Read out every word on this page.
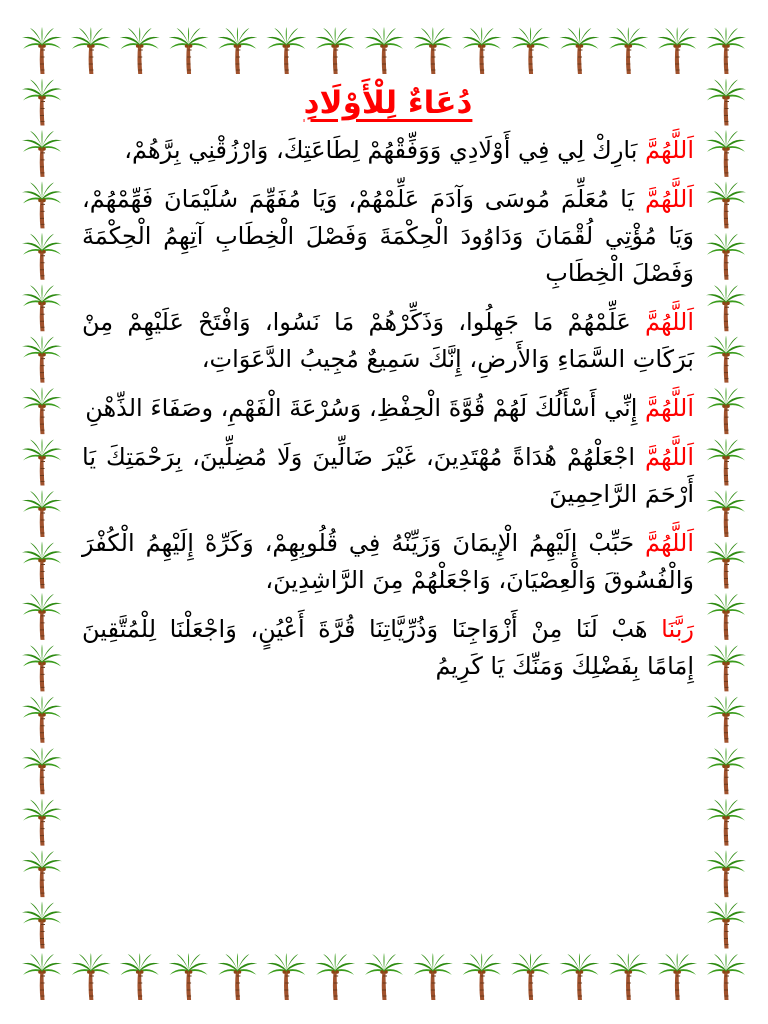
دُعَاءٌ لِلْأَوْلَادِ

اَللَّهُمَّ بَارِكْ لِي فِي أَوْلَادِي وَوَفِّقْهُمْ لِطَاعَتِكَ، وَارْزُقْنِي بِرَّهُمْ،

اَللَّهُمَّ يَا مُعَلِّمَ مُوسَى وَآدَمَ عَلِّمْهُمْ، وَيَا مُفَهِّمَ سُلَيْمَانَ فَهِّمْهُمْ، وَيَا مُؤْتِي لُقْمَانَ وَدَاوُودَ الْحِكْمَةَ وَفَصْلَ الْخِطَابِ آتِهِمُ الْحِكْمَةَ وَفَصْلَ الْخِطَابِ

اَللَّهُمَّ عَلِّمْهُمْ مَا جَهِلُوا، وَذَكِّرْهُمْ مَا نَسُوا، وَافْتَحْ عَلَيْهِمْ مِنْ بَرَكَاتِ السَّمَاءِ وَالأَرضِ، إِنَّكَ سَمِيعٌ مُجِيبُ الدَّعَوَاتِ،

اَللَّهُمَّ إِنِّي أَسْأَلُكَ لَهُمْ قُوَّةَ الْحِفْظِ، وَسُرْعَةَ الْفَهْمِ، وصَفَاءَ الذِّهْنِ

اَللَّهُمَّ اجْعَلْهُمْ هُدَاةً مُهْتَدِينَ، غَيْرَ ضَالِّينَ وَلَا مُضِلِّينَ، بِرَحْمَتِكَ يَا أَرْحَمَ الرَّاحِمِينَ

اَللَّهُمَّ حَبِّبْ إِلَيْهِمُ الْإِيمَانَ وَزَيِّنْهُ فِي قُلُوبِهِمْ، وَكَرِّهْ إِلَيْهِمُ الْكُفْرَ وَالْفُسُوقَ وَالْعِصْيَانَ، وَاجْعَلْهُمْ مِنَ الرَّاشِدِينَ،

رَبَّنَا هَبْ لَنَا مِنْ أَزْوَاجِنَا وَذُرِّيَّاتِنَا قُرَّةَ أَعْيُنٍ، وَاجْعَلْنَا لِلْمُتَّقِينَ إِمَامًا بِفَضْلِكَ وَمَنِّكَ يَا كَرِيمُ
